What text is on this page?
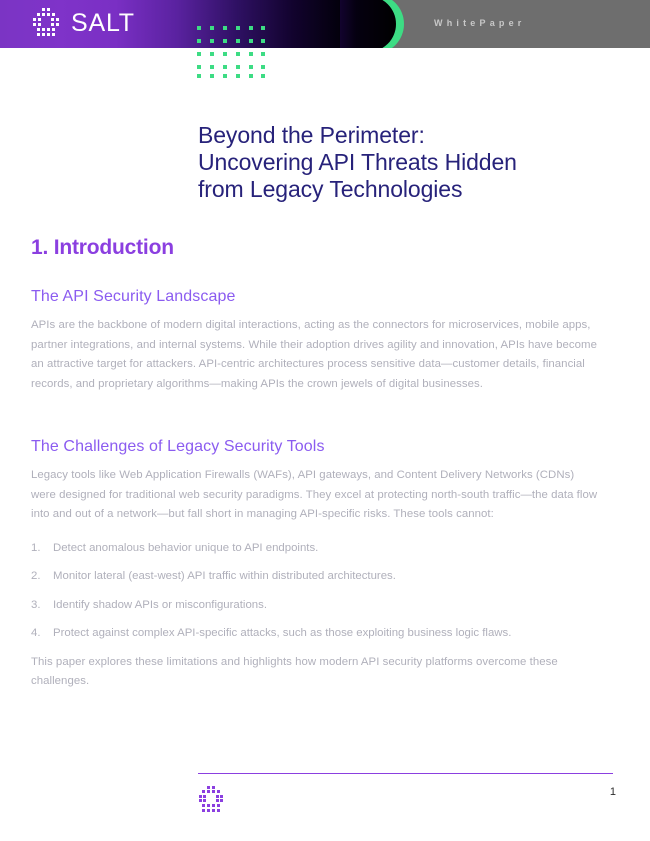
SALT	WhitePaper
Beyond the Perimeter:
Uncovering API Threats Hidden
from Legacy Technologies
1. Introduction
The API Security Landscape

APIs are the backbone of modern digital interactions, acting as the connectors for microservices, mobile apps, partner integrations, and internal systems. While their adoption drives agility and innovation, APIs have become an attractive target for attackers. API-centric architectures process sensitive data—customer details, financial records, and proprietary algorithms—making APIs the crown jewels of digital businesses.

The Challenges of Legacy Security Tools

Legacy tools like Web Application Firewalls (WAFs), API gateways, and Content Delivery Networks (CDNs) were designed for traditional web security paradigms. They excel at protecting north-south traffic—the data flow into and out of a network—but fall short in managing API-specific risks. These tools cannot:

1.	Detect anomalous behavior unique to API endpoints.
2.	Monitor lateral (east-west) API traffic within distributed architectures.
3.	Identify shadow APIs or misconfigurations.
4.	Protect against complex API-specific attacks, such as those exploiting business logic flaws.

This paper explores these limitations and highlights how modern API security platforms overcome these challenges.

1
